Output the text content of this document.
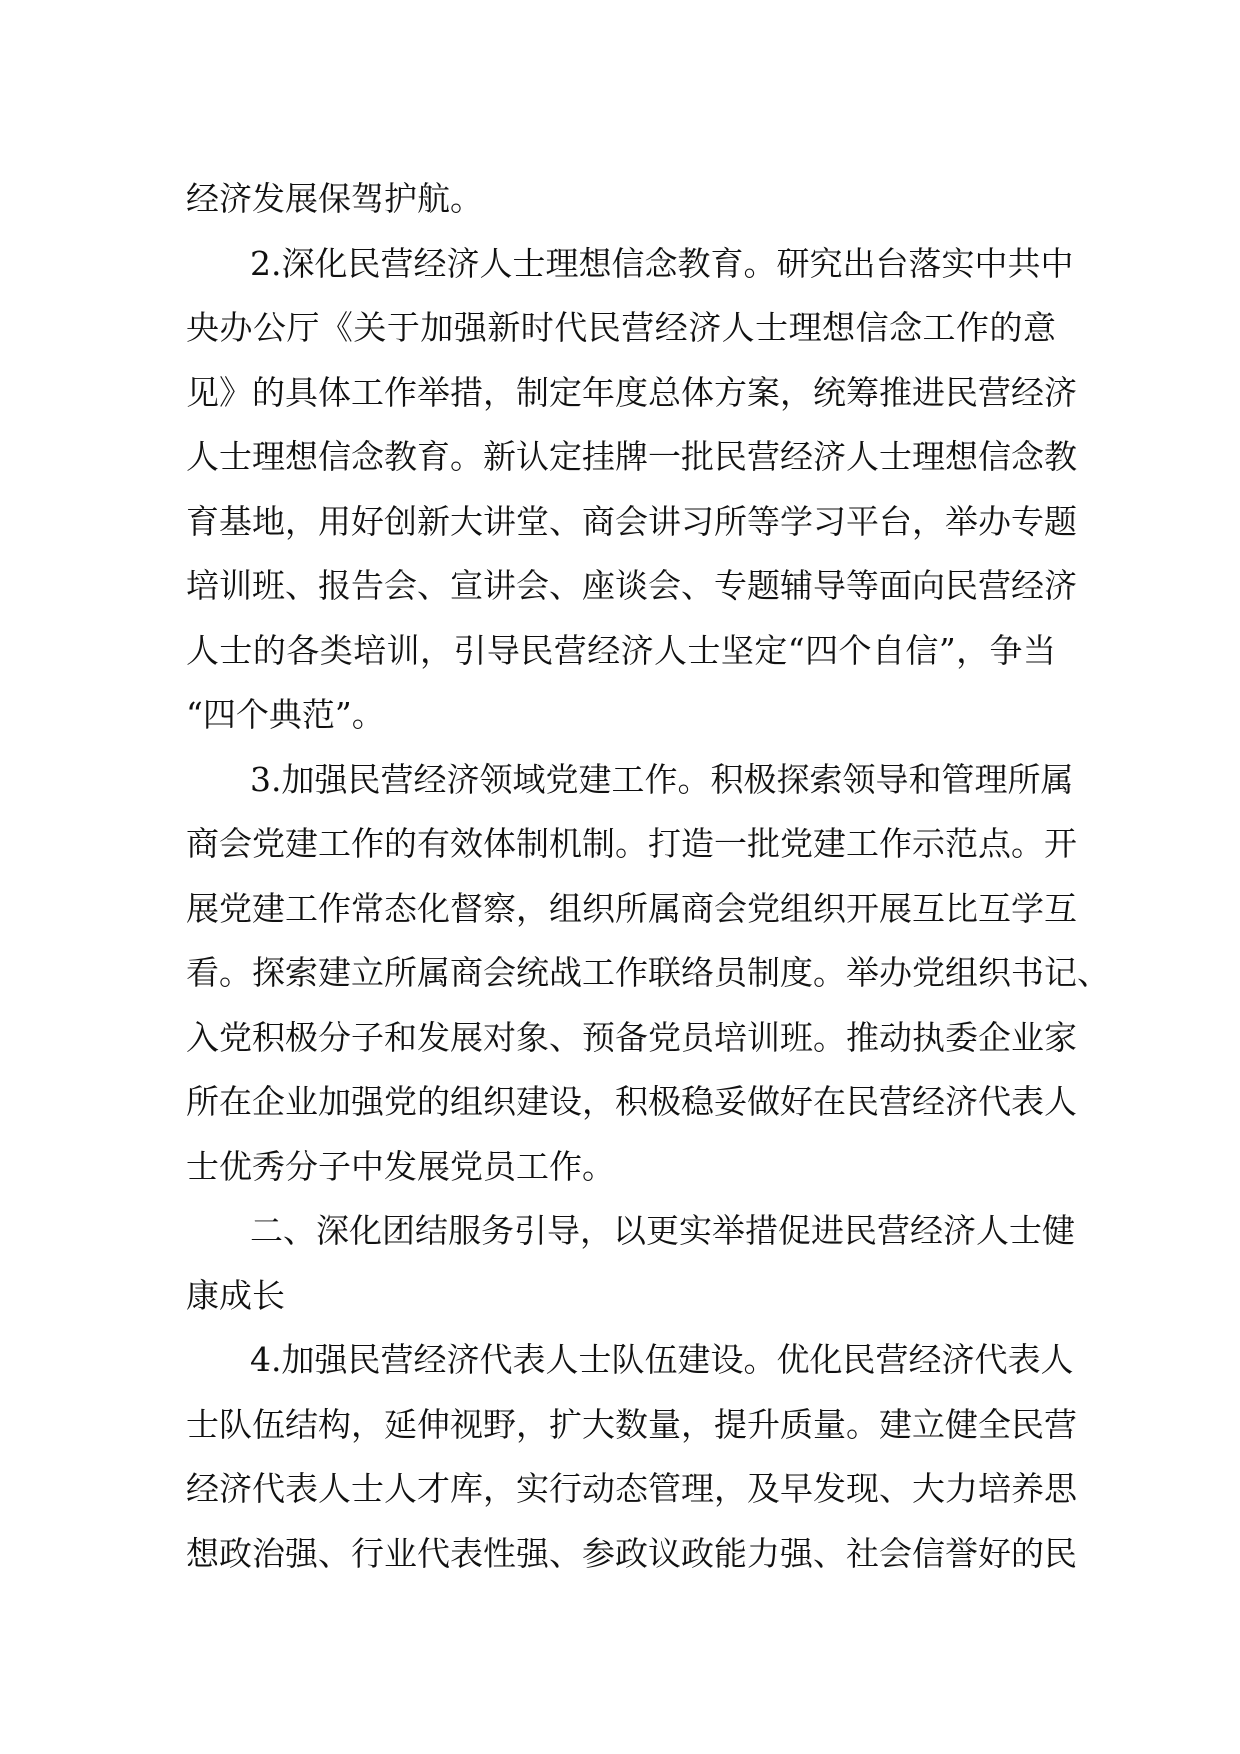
经济发展保驾护航。
2.深化民营经济人士理想信念教育。研究出台落实中共中
央办公厅《关于加强新时代民营经济人士理想信念工作的意
见》的具体工作举措，制定年度总体方案，统筹推进民营经济
人士理想信念教育。新认定挂牌一批民营经济人士理想信念教
育基地，用好创新大讲堂、商会讲习所等学习平台，举办专题
培训班、报告会、宣讲会、座谈会、专题辅导等面向民营经济
人士的各类培训，引导民营经济人士坚定“四个自信”，争当
“四个典范”。
3.加强民营经济领域党建工作。积极探索领导和管理所属
商会党建工作的有效体制机制。打造一批党建工作示范点。开
展党建工作常态化督察，组织所属商会党组织开展互比互学互
看。探索建立所属商会统战工作联络员制度。举办党组织书记、
入党积极分子和发展对象、预备党员培训班。推动执委企业家
所在企业加强党的组织建设，积极稳妥做好在民营经济代表人
士优秀分子中发展党员工作。
二、深化团结服务引导，以更实举措促进民营经济人士健
康成长
4.加强民营经济代表人士队伍建设。优化民营经济代表人
士队伍结构，延伸视野，扩大数量，提升质量。建立健全民营
经济代表人士人才库，实行动态管理，及早发现、大力培养思
想政治强、行业代表性强、参政议政能力强、社会信誉好的民
